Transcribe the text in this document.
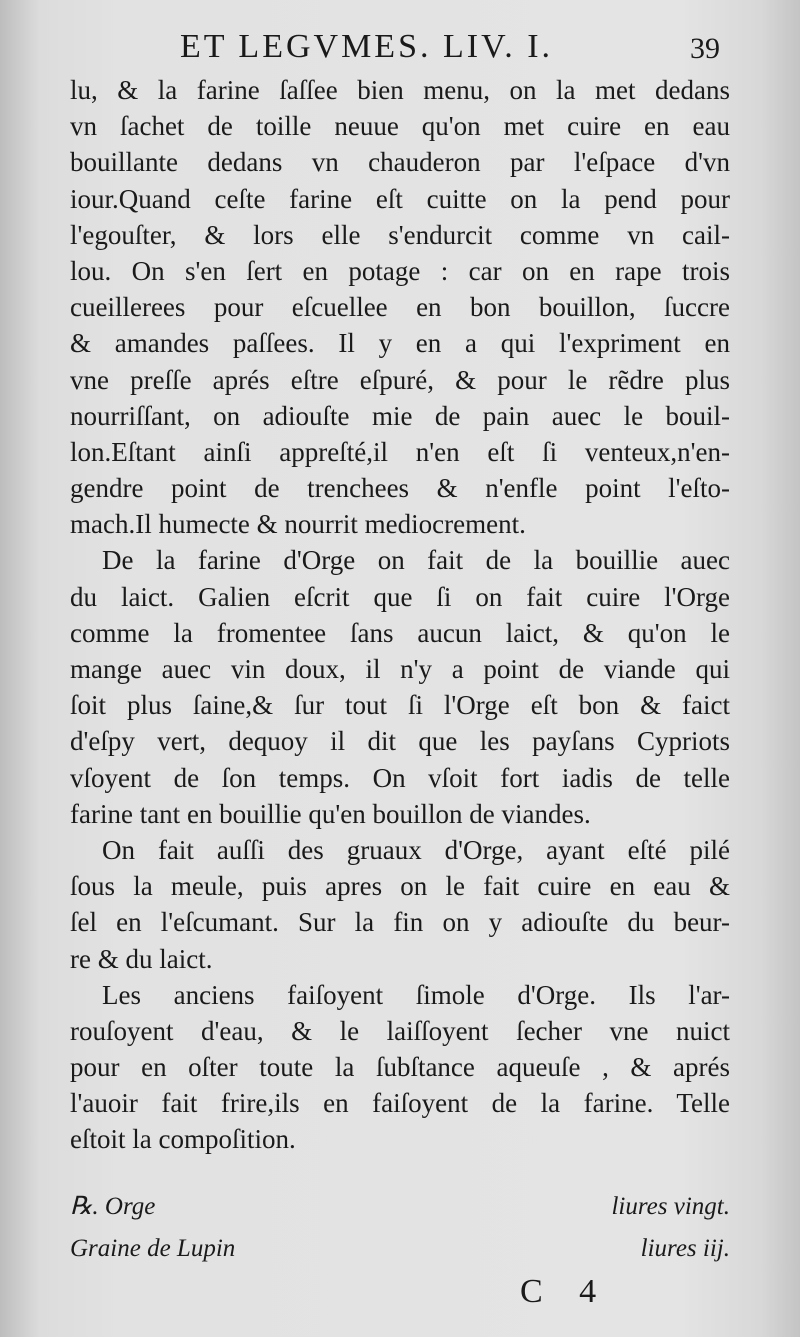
ET LEGVMES. LIV. I.	39
lu, & la farine ſaſſee bien menu, on la met dedans
vn ſachet de toille neuue qu'on met cuire en eau
bouillante dedans vn chauderon par l'eſpace d'vn
iour.Quand ceſte farine eſt cuitte on la pend pour
l'egouſter, & lors elle s'endurcit comme vn cail-
lou. On s'en ſert en potage : car on en rape trois
cueillerees pour eſcuellee en bon bouillon, ſuccre
& amandes paſſees. Il y en a qui l'expriment en
vne preſſe aprés eſtre eſpuré, & pour le rẽdre plus
nourriſſant, on adiouſte mie de pain auec le bouil-
lon.Eſtant ainſi appreſté,il n'en eſt ſi venteux,n'en-
gendre point de trenchees & n'enfle point l'eſto-
mach.Il humecte & nourrit mediocrement.
De la farine d'Orge on fait de la bouillie auec
du laict. Galien eſcrit que ſi on fait cuire l'Orge
comme la fromentee ſans aucun laict, & qu'on le
mange auec vin doux, il n'y a point de viande qui
ſoit plus ſaine,& ſur tout ſi l'Orge eſt bon & faict
d'eſpy vert, dequoy il dit que les payſans Cypriots
vſoyent de ſon temps. On vſoit fort iadis de telle
farine tant en bouillie qu'en bouillon de viandes.
On fait auſſi des gruaux d'Orge, ayant eſté pilé
ſous la meule, puis apres on le fait cuire en eau &
ſel en l'eſcumant. Sur la fin on y adiouſte du beur-
re & du laict.
Les anciens faiſoyent ſimole d'Orge. Ils l'ar-
rouſoyent d'eau, & le laiſſoyent ſecher vne nuict
pour en oſter toute la ſubſtance aqueuſe , & aprés
l'auoir fait frire,ils en faiſoyent de la farine. Telle
eſtoit la compoſition.
℞. Orge	liures vingt.
Graine de Lupin	liures iij.
C 4
